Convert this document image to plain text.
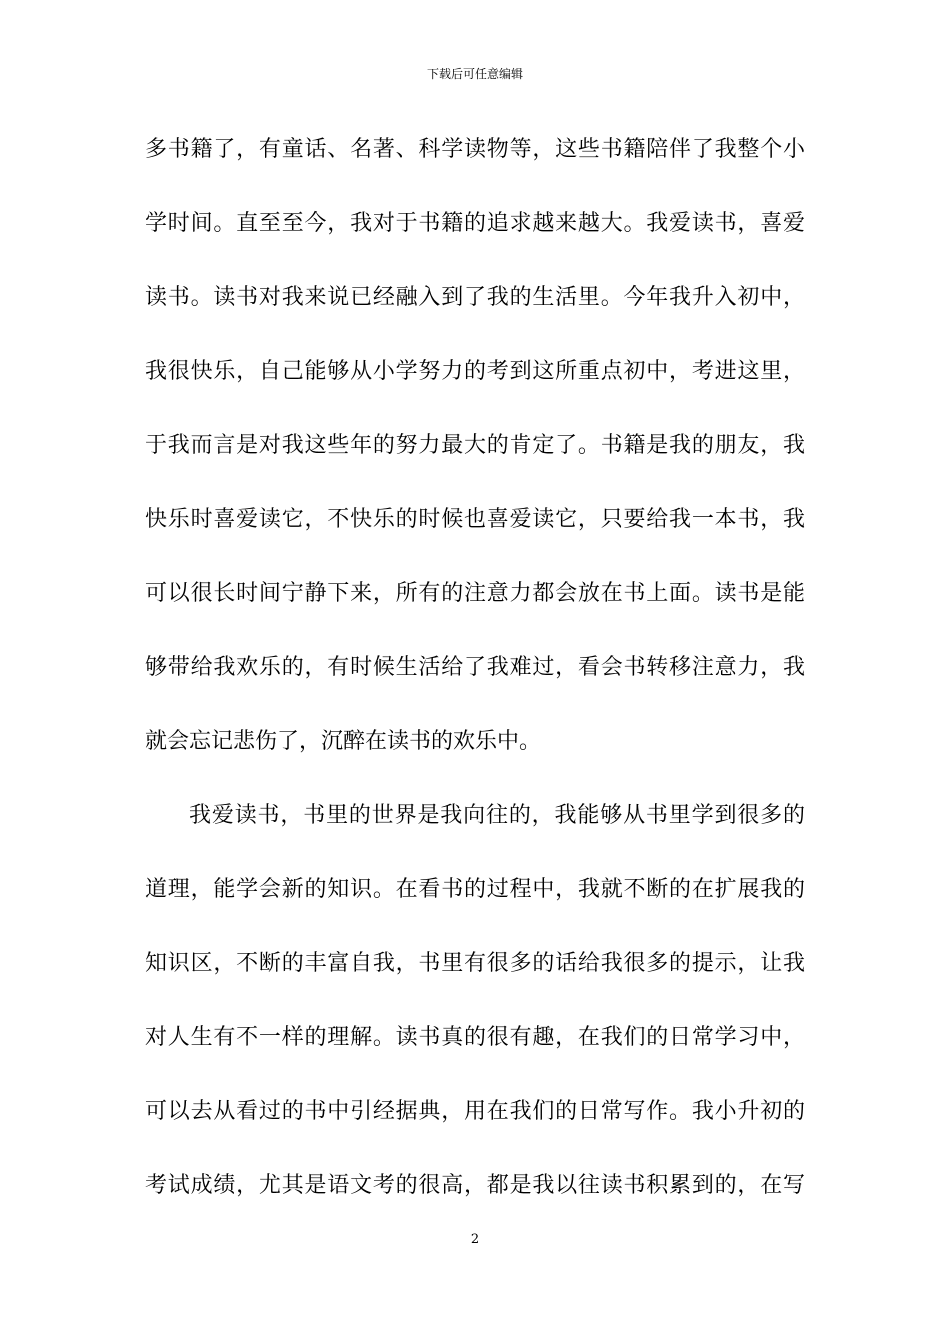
下载后可任意编辑
多书籍了，有童话、名著、科学读物等，这些书籍陪伴了我整个小
学时间。直至至今，我对于书籍的追求越来越大。我爱读书，喜爱
读书。读书对我来说已经融入到了我的生活里。今年我升入初中，
我很快乐，自己能够从小学努力的考到这所重点初中，考进这里，
于我而言是对我这些年的努力最大的肯定了。书籍是我的朋友，我
快乐时喜爱读它，不快乐的时候也喜爱读它，只要给我一本书，我
可以很长时间宁静下来，所有的注意力都会放在书上面。读书是能
够带给我欢乐的，有时候生活给了我难过，看会书转移注意力，我
就会忘记悲伤了，沉醉在读书的欢乐中。
我爱读书，书里的世界是我向往的，我能够从书里学到很多的
道理，能学会新的知识。在看书的过程中，我就不断的在扩展我的
知识区，不断的丰富自我，书里有很多的话给我很多的提示，让我
对人生有不一样的理解。读书真的很有趣，在我们的日常学习中，
可以去从看过的书中引经据典，用在我们的日常写作。我小升初的
考试成绩，尤其是语文考的很高，都是我以往读书积累到的，在写
2
